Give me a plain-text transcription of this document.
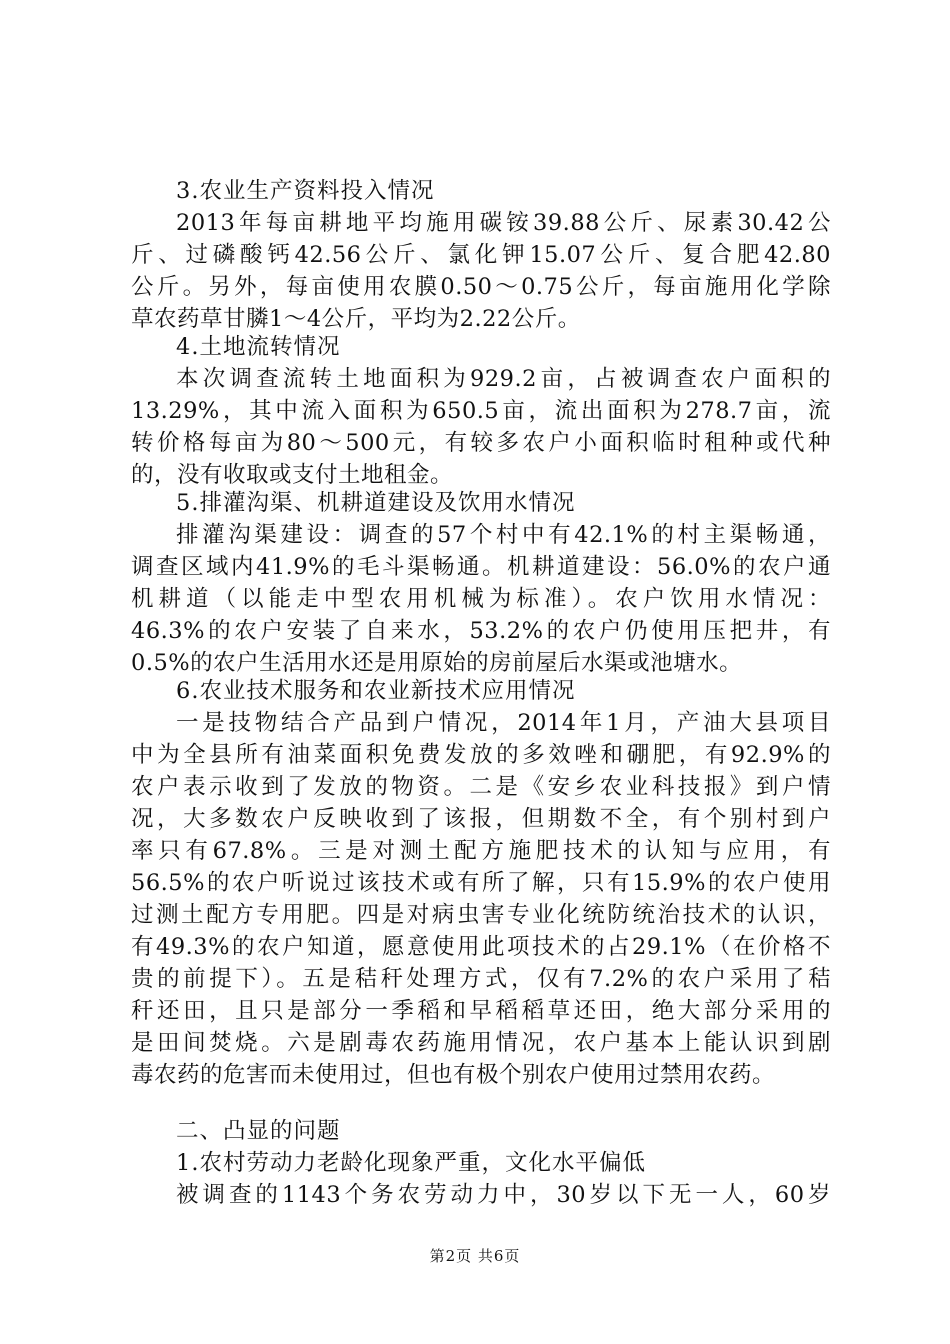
3.农业生产资料投入情况
2013年每亩耕地平均施用碳铵39.88公斤、尿素30.42公
斤、过磷酸钙42.56公斤、氯化钾15.07公斤、复合肥42.80
公斤。另外，每亩使用农膜0.50～0.75公斤，每亩施用化学除
草农药草甘膦1～4公斤，平均为2.22公斤。
4.土地流转情况
本次调查流转土地面积为929.2亩，占被调查农户面积的
13.29%，其中流入面积为650.5亩，流出面积为278.7亩，流
转价格每亩为80～500元，有较多农户小面积临时租种或代种
的，没有收取或支付土地租金。
5.排灌沟渠、机耕道建设及饮用水情况
排灌沟渠建设：调查的57个村中有42.1%的村主渠畅通，
调查区域内41.9%的毛斗渠畅通。机耕道建设：56.0%的农户通
机耕道（以能走中型农用机械为标准）。农户饮用水情况：
46.3%的农户安装了自来水，53.2%的农户仍使用压把井，有
0.5%的农户生活用水还是用原始的房前屋后水渠或池塘水。
6.农业技术服务和农业新技术应用情况
一是技物结合产品到户情况，2014年1月，产油大县项目
中为全县所有油菜面积免费发放的多效唑和硼肥，有92.9%的
农户表示收到了发放的物资。二是《安乡农业科技报》到户情
况，大多数农户反映收到了该报，但期数不全，有个别村到户
率只有67.8%。三是对测土配方施肥技术的认知与应用，有
56.5%的农户听说过该技术或有所了解，只有15.9%的农户使用
过测土配方专用肥。四是对病虫害专业化统防统治技术的认识，
有49.3%的农户知道，愿意使用此项技术的占29.1%（在价格不
贵的前提下）。五是秸秆处理方式，仅有7.2%的农户采用了秸
秆还田，且只是部分一季稻和早稻稻草还田，绝大部分采用的
是田间焚烧。六是剧毒农药施用情况，农户基本上能认识到剧
毒农药的危害而未使用过，但也有极个别农户使用过禁用农药。
二、凸显的问题
1.农村劳动力老龄化现象严重，文化水平偏低
被调查的1143个务农劳动力中，30岁以下无一人，60岁
第2页 共6页
